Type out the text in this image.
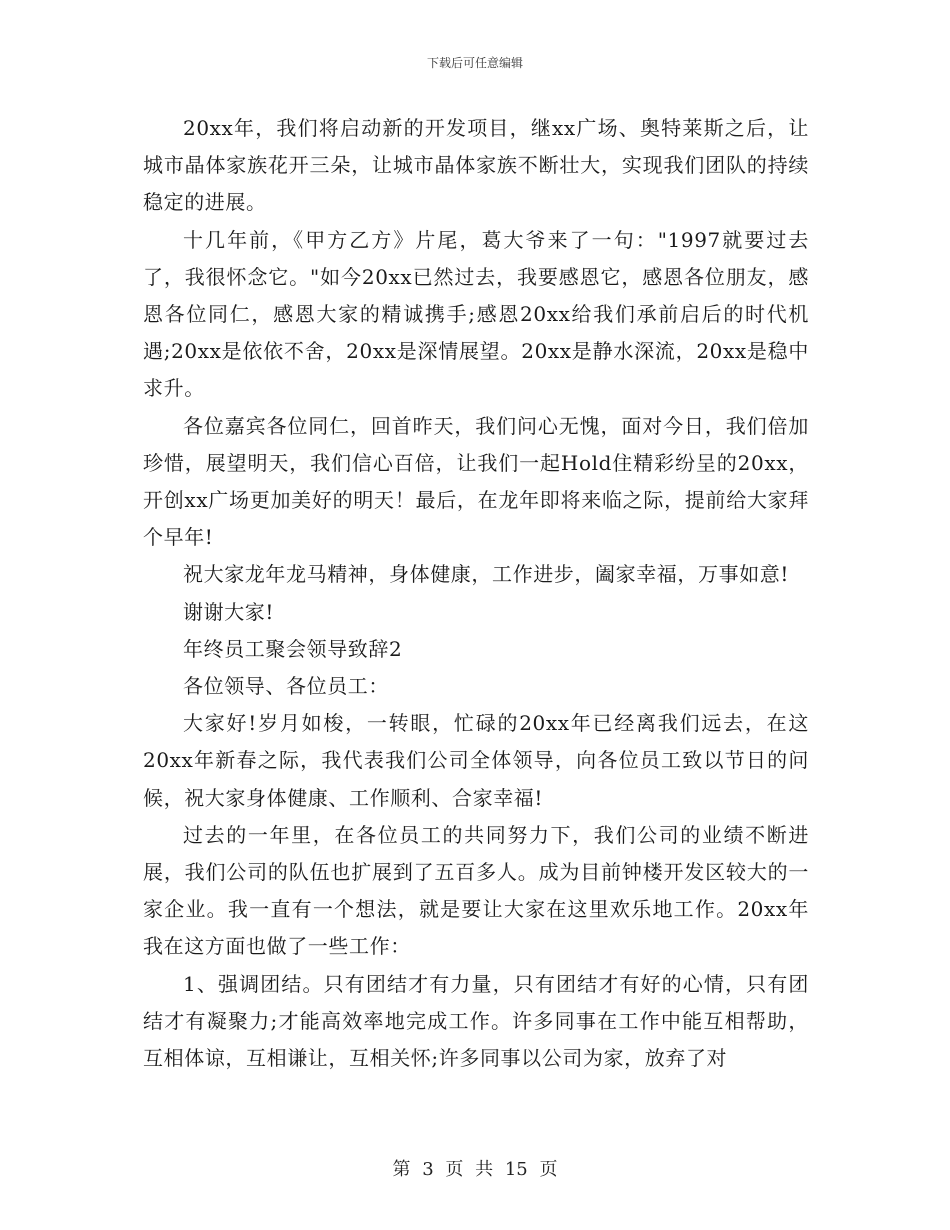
下载后可任意编辑

20xx年，我们将启动新的开发项目，继xx广场、奥特莱斯之后，让城市晶体家族花开三朵，让城市晶体家族不断壮大，实现我们团队的持续稳定的进展。

十几年前，《甲方乙方》片尾，葛大爷来了一句："1997就要过去了，我很怀念它。"如今20xx已然过去，我要感恩它，感恩各位朋友，感恩各位同仁，感恩大家的精诚携手;感恩20xx给我们承前启后的时代机遇;20xx是依依不舍，20xx是深情展望。20xx是静水深流，20xx是稳中求升。

各位嘉宾各位同仁，回首昨天，我们问心无愧，面对今日，我们倍加珍惜，展望明天，我们信心百倍，让我们一起Hold住精彩纷呈的20xx，开创xx广场更加美好的明天！最后，在龙年即将来临之际，提前给大家拜个早年!

祝大家龙年龙马精神，身体健康，工作进步，阖家幸福，万事如意!

谢谢大家!

年终员工聚会领导致辞2

各位领导、各位员工：

大家好!岁月如梭，一转眼，忙碌的20xx年已经离我们远去，在这20xx年新春之际，我代表我们公司全体领导，向各位员工致以节日的问候，祝大家身体健康、工作顺利、合家幸福!

过去的一年里，在各位员工的共同努力下，我们公司的业绩不断进展，我们公司的队伍也扩展到了五百多人。成为目前钟楼开发区较大的一家企业。我一直有一个想法，就是要让大家在这里欢乐地工作。20xx年我在这方面也做了一些工作：

1、强调团结。只有团结才有力量，只有团结才有好的心情，只有团结才有凝聚力;才能高效率地完成工作。许多同事在工作中能互相帮助，互相体谅，互相谦让，互相关怀;许多同事以公司为家，放弃了对

第 3 页 共 15 页
